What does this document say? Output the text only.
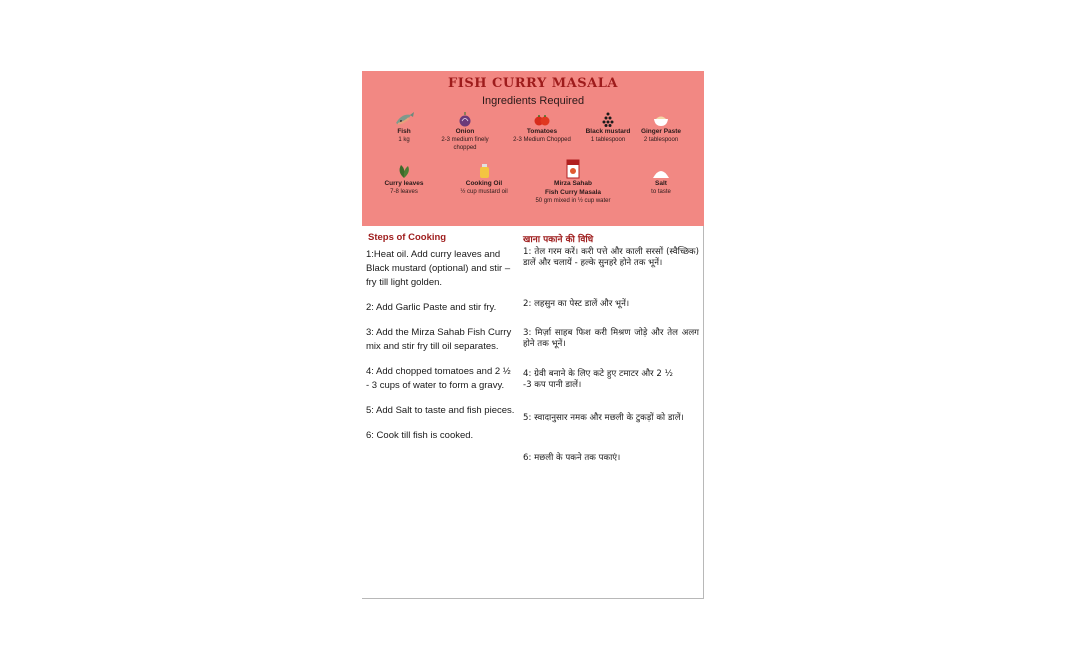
FISH CURRY MASALA
Ingredients Required
Fish
1 kg
Onion
2-3 medium finely
chopped
Tomatoes
2-3 Medium Chopped
Black mustard
1 tablespoon
Ginger Paste
2 tablespoon
Curry leaves
7-8 leaves
Cooking Oil
½ cup mustard oil
Mirza Sahab
Fish Curry Masala
50 gm mixed in ½ cup water
Salt
to taste
Steps of Cooking
1:Heat oil. Add curry leaves and Black mustard (optional) and stir – fry till light golden.
2: Add Garlic Paste and stir fry.
3: Add the Mirza Sahab Fish Curry mix and stir fry till oil separates.
4: Add chopped tomatoes and 2 ½ - 3 cups of water to form a gravy.
5: Add Salt to taste and fish pieces.
6: Cook till fish is cooked.
खाना पकाने की विधि
1: तेल गरम करें। करी पत्ते और काली सरसों (स्वैच्छिक) डालें और चलायें - हल्के सुनहरे होने तक भूनें।
2: लहसुन का पेस्ट डालें और भूनें।
3: मिर्ज़ा साहब फिश करी मिश्रण जोड़े और तेल अलग होने तक भूनें।
4: ग्रेवी बनाने के लिए कटे हुए टमाटर और 2 ½ -3 कप पानी डालें।
5: स्वादानुसार नमक और मछली के टुकड़ों को डालें।
6: मछली के पकने तक पकाएं।
